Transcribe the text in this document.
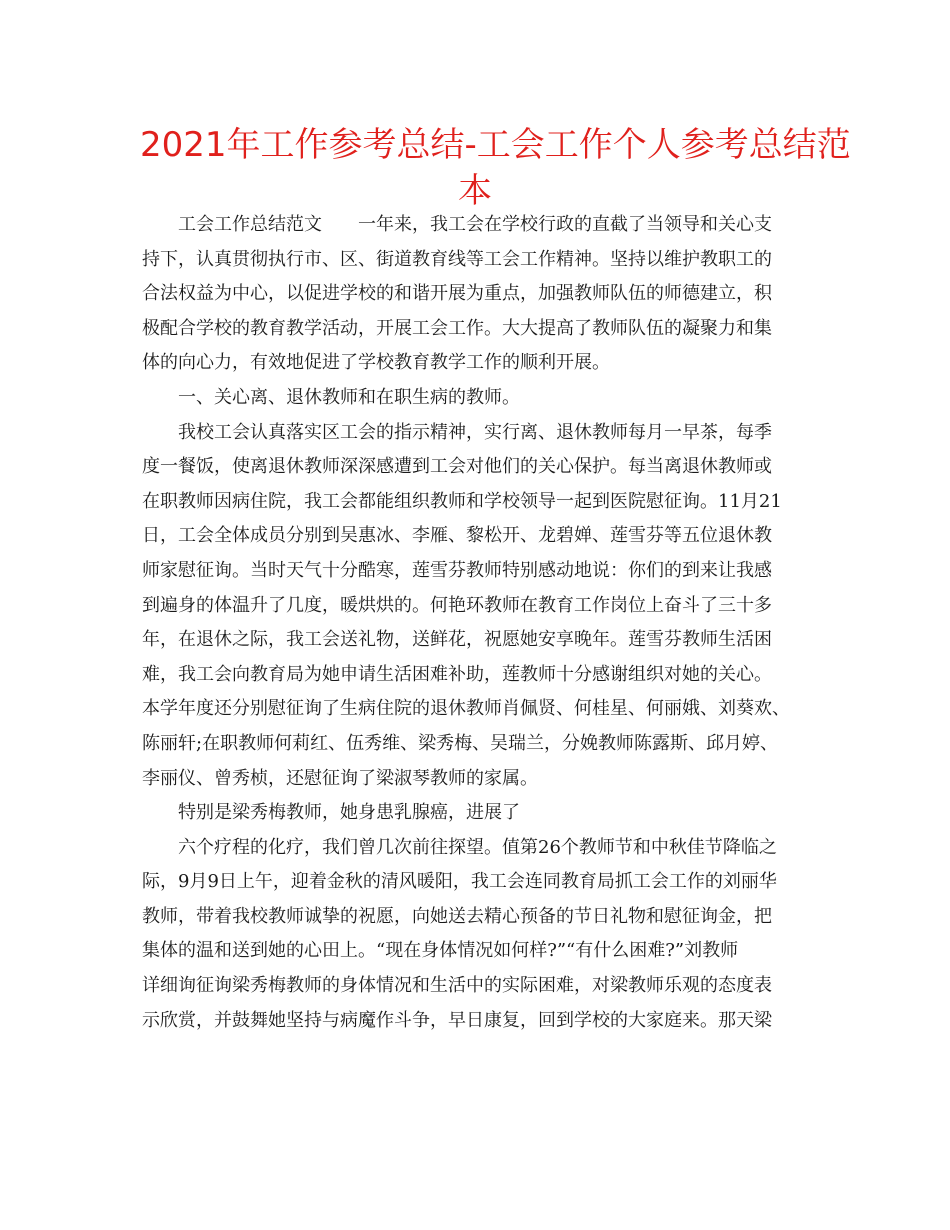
2021年工作参考总结-工会工作个人参考总结范
本

工会工作总结范文　　一年来，我工会在学校行政的直截了当领导和关心支

持下，认真贯彻执行市、区、街道教育线等工会工作精神。坚持以维护教职工的

合法权益为中心，以促进学校的和谐开展为重点，加强教师队伍的师德建立，积

极配合学校的教育教学活动，开展工会工作。大大提高了教师队伍的凝聚力和集

体的向心力，有效地促进了学校教育教学工作的顺利开展。

一、关心离、退休教师和在职生病的教师。

我校工会认真落实区工会的指示精神，实行离、退休教师每月一早茶，每季

度一餐饭，使离退休教师深深感遭到工会对他们的关心保护。每当离退休教师或

在职教师因病住院，我工会都能组织教师和学校领导一起到医院慰征询。11月21

日，工会全体成员分别到吴惠冰、李雁、黎松开、龙碧婵、莲雪芬等五位退休教

师家慰征询。当时天气十分酷寒，莲雪芬教师特别感动地说：你们的到来让我感

到遍身的体温升了几度，暖烘烘的。何艳环教师在教育工作岗位上奋斗了三十多

年，在退休之际，我工会送礼物，送鲜花，祝愿她安享晚年。莲雪芬教师生活困

难，我工会向教育局为她申请生活困难补助，莲教师十分感谢组织对她的关心。

本学年度还分别慰征询了生病住院的退休教师肖佩贤、何桂星、何丽娥、刘葵欢、

陈丽轩;在职教师何莉红、伍秀维、梁秀梅、吴瑞兰，分娩教师陈露斯、邱月婷、

李丽仪、曾秀桢，还慰征询了梁淑琴教师的家属。

特别是梁秀梅教师，她身患乳腺癌，进展了

六个疗程的化疗，我们曾几次前往探望。值第26个教师节和中秋佳节降临之

际，9月9日上午，迎着金秋的清风暖阳，我工会连同教育局抓工会工作的刘丽华

教师，带着我校教师诚挚的祝愿，向她送去精心预备的节日礼物和慰征询金，把

集体的温和送到她的心田上。“现在身体情况如何样?”“有什么困难?”刘教师

详细询征询梁秀梅教师的身体情况和生活中的实际困难，对梁教师乐观的态度表

示欣赏，并鼓舞她坚持与病魔作斗争，早日康复，回到学校的大家庭来。那天梁
